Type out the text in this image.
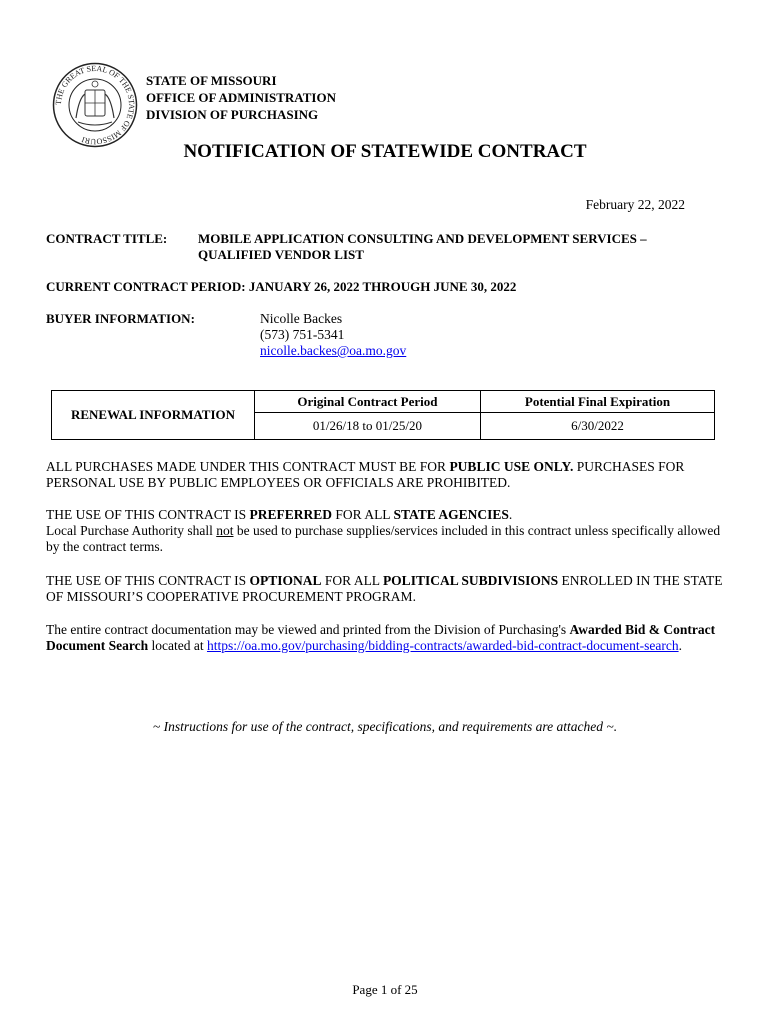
THE GREAT SEAL OF THE STATE OF MISSOURI
STATE OF MISSOURI
OFFICE OF ADMINISTRATION
DIVISION OF PURCHASING
NOTIFICATION OF STATEWIDE CONTRACT
February 22, 2022
CONTRACT TITLE: MOBILE APPLICATION CONSULTING AND DEVELOPMENT SERVICES –
QUALIFIED VENDOR LIST
CURRENT CONTRACT PERIOD: JANUARY 26, 2022 THROUGH JUNE 30, 2022
BUYER INFORMATION:	Nicolle Backes
(573) 751-5341
nicolle.backes@oa.mo.gov
RENEWAL INFORMATION	Original Contract Period	Potential Final Expiration
	01/26/18 to 01/25/20	6/30/2022
ALL PURCHASES MADE UNDER THIS CONTRACT MUST BE FOR PUBLIC USE ONLY. PURCHASES FOR PERSONAL USE BY PUBLIC EMPLOYEES OR OFFICIALS ARE PROHIBITED.
THE USE OF THIS CONTRACT IS PREFERRED FOR ALL STATE AGENCIES.
Local Purchase Authority shall not be used to purchase supplies/services included in this contract unless specifically allowed by the contract terms.
THE USE OF THIS CONTRACT IS OPTIONAL FOR ALL POLITICAL SUBDIVISIONS ENROLLED IN THE STATE OF MISSOURI’S COOPERATIVE PROCUREMENT PROGRAM.
The entire contract documentation may be viewed and printed from the Division of Purchasing's Awarded Bid & Contract Document Search located at https://oa.mo.gov/purchasing/bidding-contracts/awarded-bid-contract-document-search.
~ Instructions for use of the contract, specifications, and requirements are attached ~.
Page 1 of 25
